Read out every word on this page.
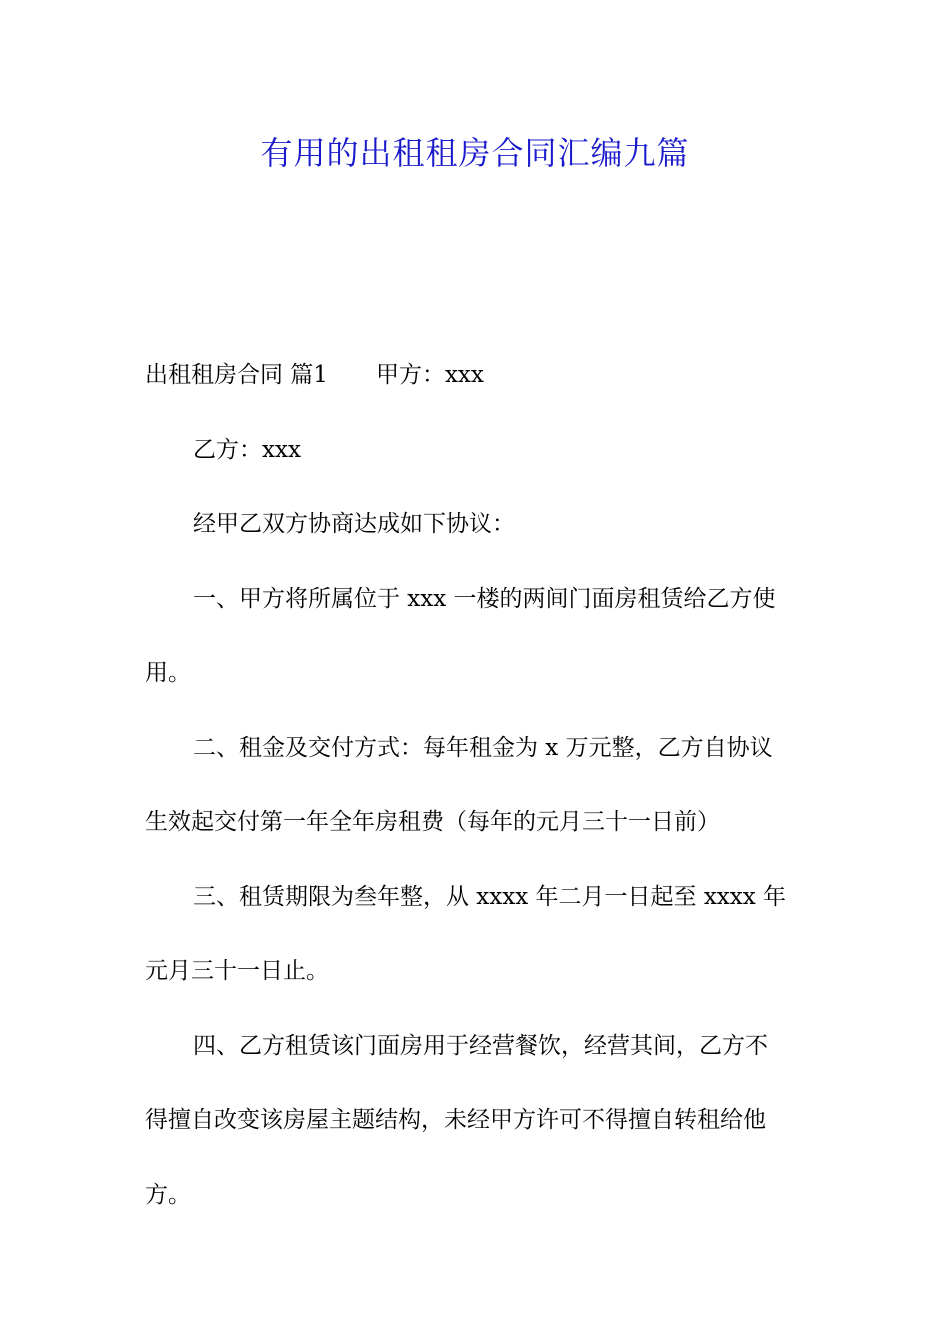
有用的出租租房合同汇编九篇
出租租房合同 篇1 甲方：xxx
乙方：xxx
经甲乙双方协商达成如下协议：
一、甲方将所属位于 xxx 一楼的两间门面房租赁给乙方使
用。
二、租金及交付方式：每年租金为 x 万元整，乙方自协议
生效起交付第一年全年房租费（每年的元月三十一日前）
三、租赁期限为叁年整，从 xxxx 年二月一日起至 xxxx 年
元月三十一日止。
四、乙方租赁该门面房用于经营餐饮，经营其间，乙方不
得擅自改变该房屋主题结构，未经甲方许可不得擅自转租给他
方。
